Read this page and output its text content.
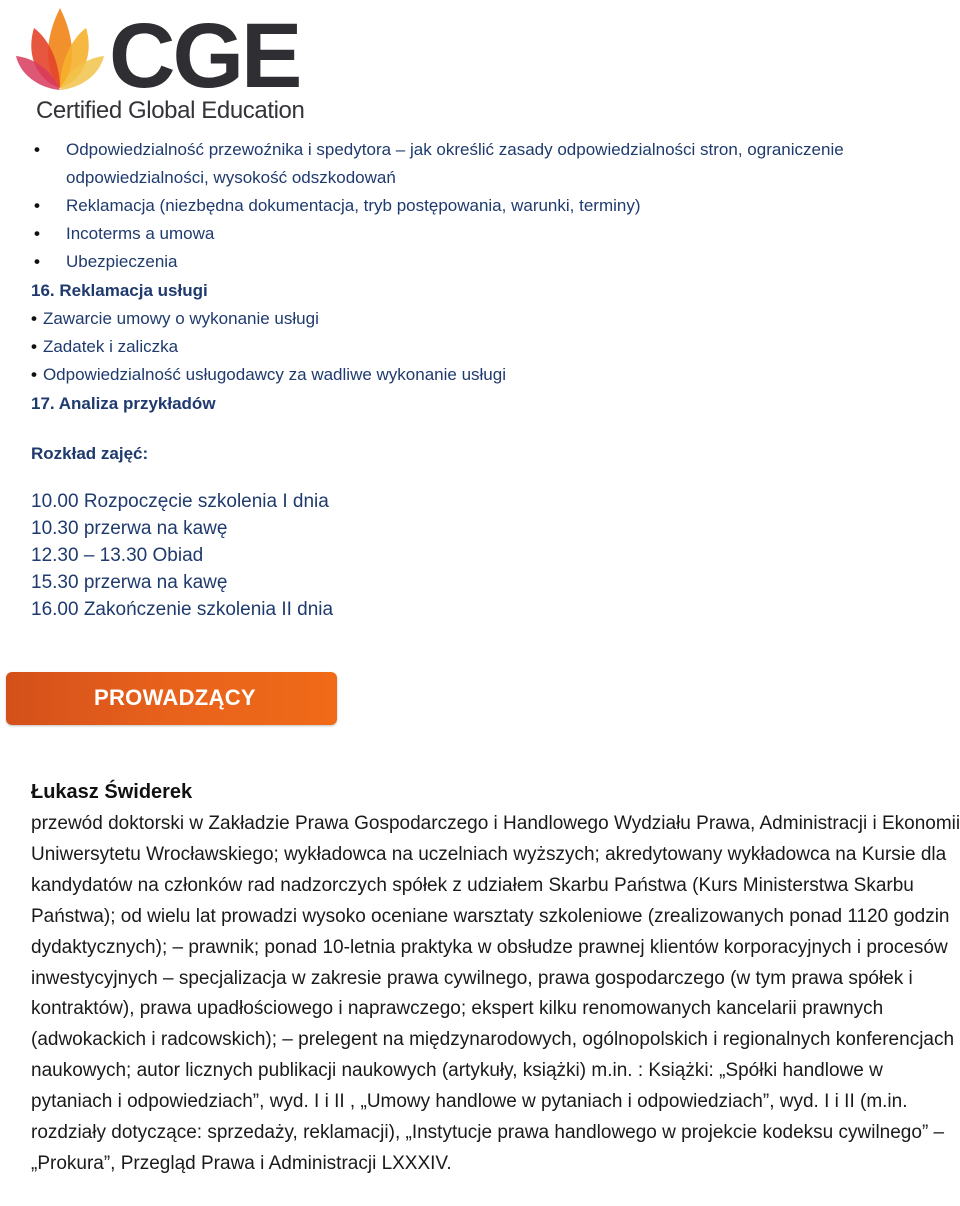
CGE
Certified Global Education
• Odpowiedzialność przewoźnika i spedytora – jak określić zasady odpowiedzialności stron, ograniczenie
odpowiedzialności, wysokość odszkodowań
• Reklamacja (niezbędna dokumentacja, tryb postępowania, warunki, terminy)
• Incoterms a umowa
• Ubezpieczenia
16. Reklamacja usługi
• Zawarcie umowy o wykonanie usługi
• Zadatek i zaliczka
• Odpowiedzialność usługodawcy za wadliwe wykonanie usługi
17. Analiza przykładów
Rozkład zajęć:
10.00 Rozpoczęcie szkolenia I dnia
10.30 przerwa na kawę
12.30 – 13.30 Obiad
15.30 przerwa na kawę
16.00 Zakończenie szkolenia II dnia
PROWADZĄCY
Łukasz Świderek
przewód doktorski w Zakładzie Prawa Gospodarczego i Handlowego Wydziału Prawa, Administracji i Ekonomii Uniwersytetu Wrocławskiego; wykładowca na uczelniach wyższych; akredytowany wykładowca na Kursie dla kandydatów na członków rad nadzorczych spółek z udziałem Skarbu Państwa (Kurs Ministerstwa Skarbu Państwa); od wielu lat prowadzi wysoko oceniane warsztaty szkoleniowe (zrealizowanych ponad 1120 godzin dydaktycznych); – prawnik; ponad 10-letnia praktyka w obsłudze prawnej klientów korporacyjnych i procesów inwestycyjnych – specjalizacja w zakresie prawa cywilnego, prawa gospodarczego (w tym prawa spółek i kontraktów), prawa upadłościowego i naprawczego; ekspert kilku renomowanych kancelarii prawnych (adwokackich i radcowskich); – prelegent na międzynarodowych, ogólnopolskich i regionalnych konferencjach naukowych; autor licznych publikacji naukowych (artykuły, książki) m.in. : Książki: „Spółki handlowe w pytaniach i odpowiedziach”, wyd. I i II , „Umowy handlowe w pytaniach i odpowiedziach”, wyd. I i II (m.in. rozdziały dotyczące: sprzedaży, reklamacji), „Instytucje prawa handlowego w projekcie kodeksu cywilnego” – „Prokura”, Przegląd Prawa i Administracji LXXXIV.
